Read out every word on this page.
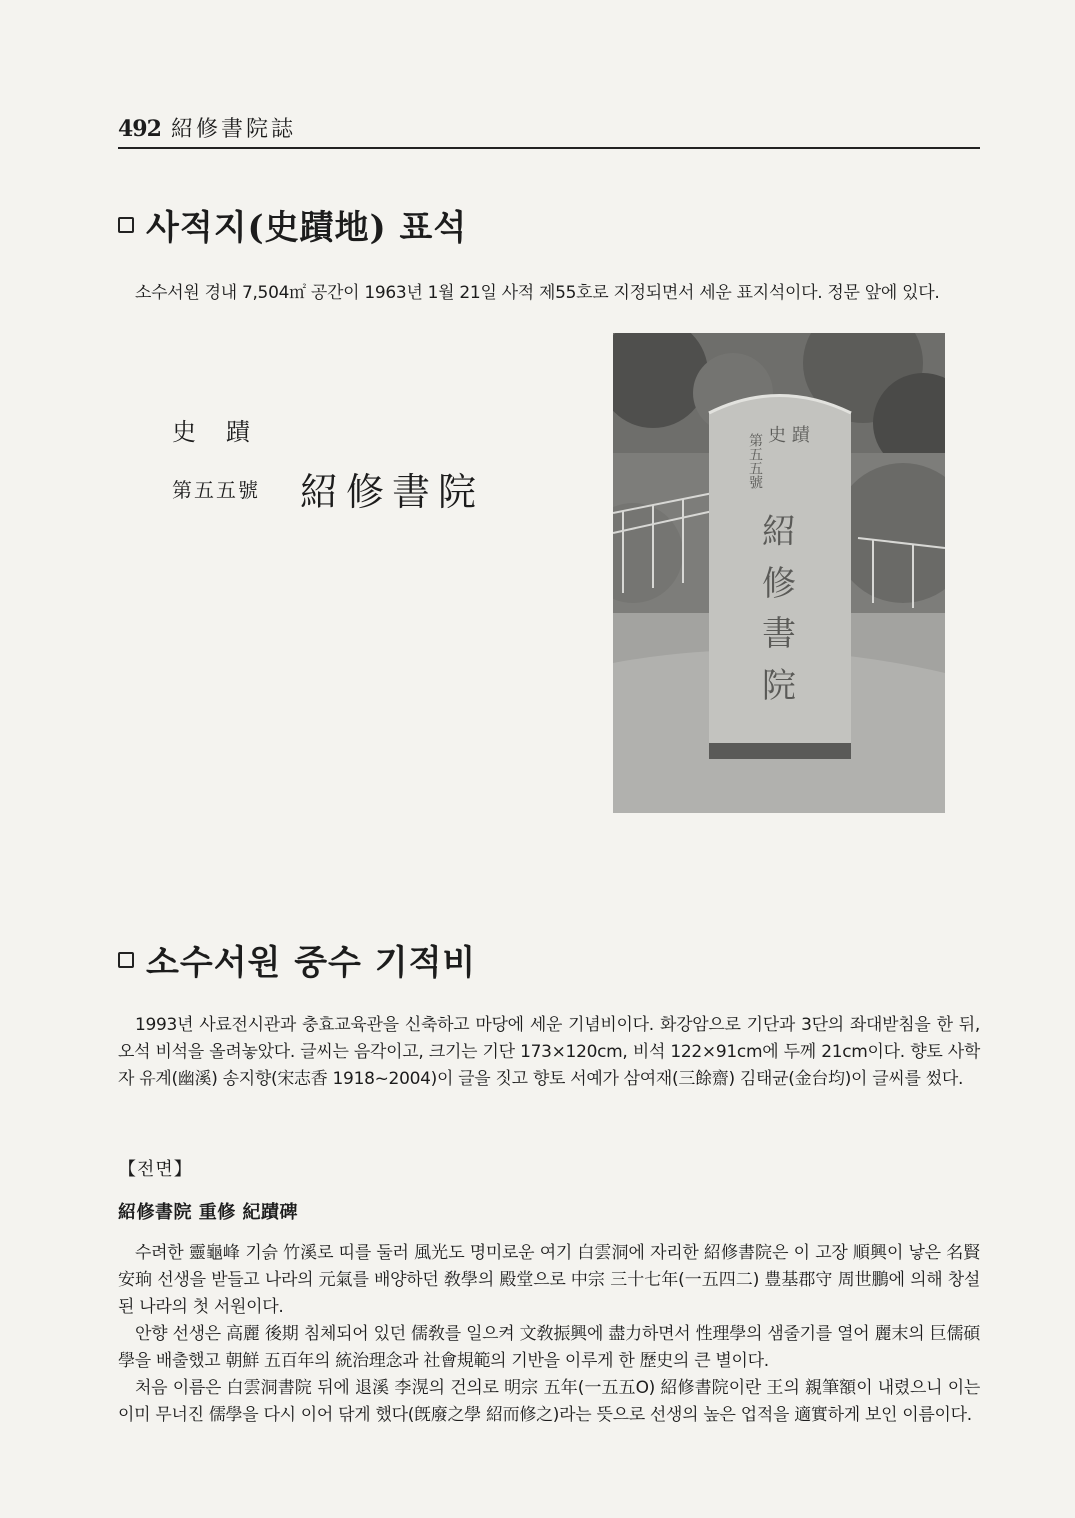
492 紹修書院誌
사적지(史蹟地) 표석

소수서원 경내 7,504㎡ 공간이 1963년 1월 21일 사적 제55호로 지정되면서 세운 표지석이다. 정문 앞에 있다.

史蹟
第五五號 紹修書院
史 蹟
第五五號
紹
修
書
院
소수서원 중수 기적비

1993년 사료전시관과 충효교육관을 신축하고 마당에 세운 기념비이다. 화강암으로 기단과 3단의 좌대받침을 한 뒤, 오석 비석을 올려놓았다. 글씨는 음각이고, 크기는 기단 173×120cm, 비석 122×91cm에 두께 21cm이다. 향토 사학자 유계(幽溪) 송지향(宋志香 1918~2004)이 글을 짓고 향토 서예가 삼여재(三餘齋) 김태균(金台均)이 글씨를 썼다.

【전면】
紹修書院 重修 紀蹟碑

수려한 靈龜峰 기슭 竹溪로 띠를 둘러 風光도 명미로운 여기 白雲洞에 자리한 紹修書院은 이 고장 順興이 낳은 名賢 安珦 선생을 받들고 나라의 元氣를 배양하던 敎學의 殿堂으로 中宗 三十七年(一五四二) 豊基郡守 周世鵬에 의해 창설된 나라의 첫 서원이다.

안향 선생은 高麗 後期 침체되어 있던 儒敎를 일으켜 文敎振興에 盡力하면서 性理學의 샘줄기를 열어 麗末의 巨儒碩學을 배출했고 朝鮮 五百年의 統治理念과 社會規範의 기반을 이루게 한 歷史의 큰 별이다.

처음 이름은 白雲洞書院 뒤에 退溪 李滉의 건의로 明宗 五年(一五五O) 紹修書院이란 王의 親筆額이 내렸으니 이는 이미 무너진 儒學을 다시 이어 닦게 했다(旣廢之學 紹而修之)라는 뜻으로 선생의 높은 업적을 適實하게 보인 이름이다.
